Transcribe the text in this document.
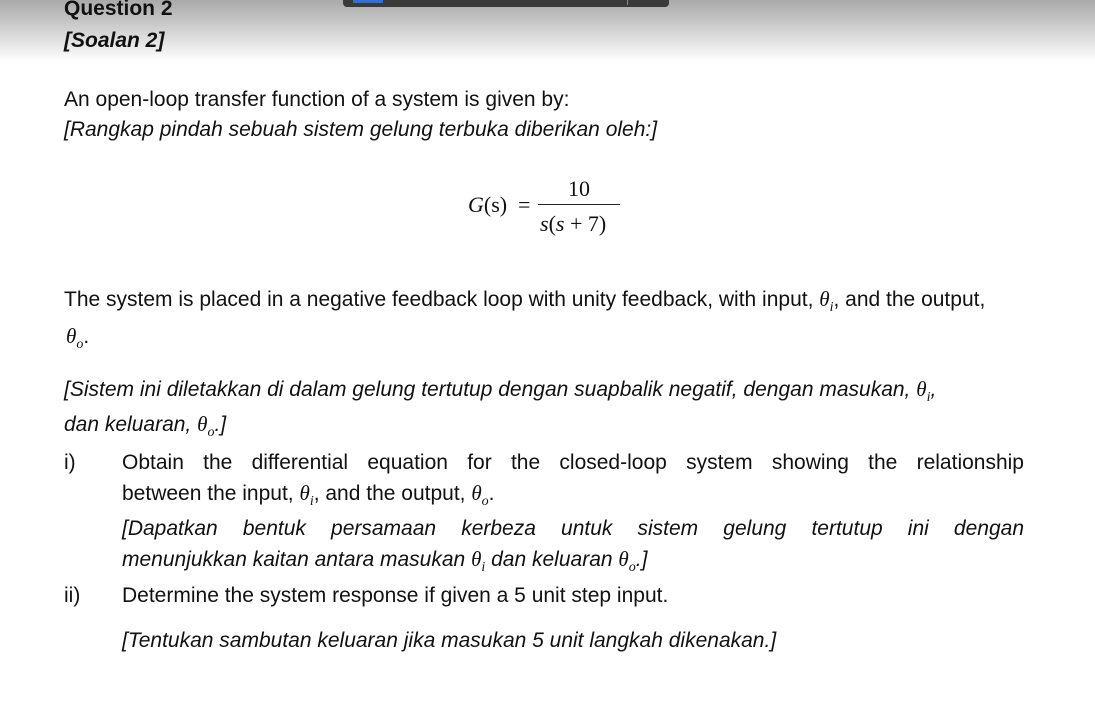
Question 2
[Soalan 2]
An open-loop transfer function of a system is given by:
[Rangkap pindah sebuah sistem gelung terbuka diberikan oleh:]
G(s) =
10
s(s + 7)
The system is placed in a negative feedback loop with unity feedback, with input, $\theta_i$, and the output,
$\theta_o$.
[Sistem ini diletakkan di dalam gelung tertutup dengan suapbalik negatif, dengan masukan, $\theta_i$,
dan keluaran, $\theta_o$.]
i) Obtain the differential equation for the closed-loop system showing the relationship
between the input, $\theta_i$, and the output, $\theta_o$.
[Dapatkan bentuk persamaan kerbeza untuk sistem gelung tertutup ini dengan
menunjukkan kaitan antara masukan $\theta_i$ dan keluaran $\theta_o$.]
ii) Determine the system response if given a 5 unit step input.
[Tentukan sambutan keluaran jika masukan 5 unit langkah dikenakan.]
